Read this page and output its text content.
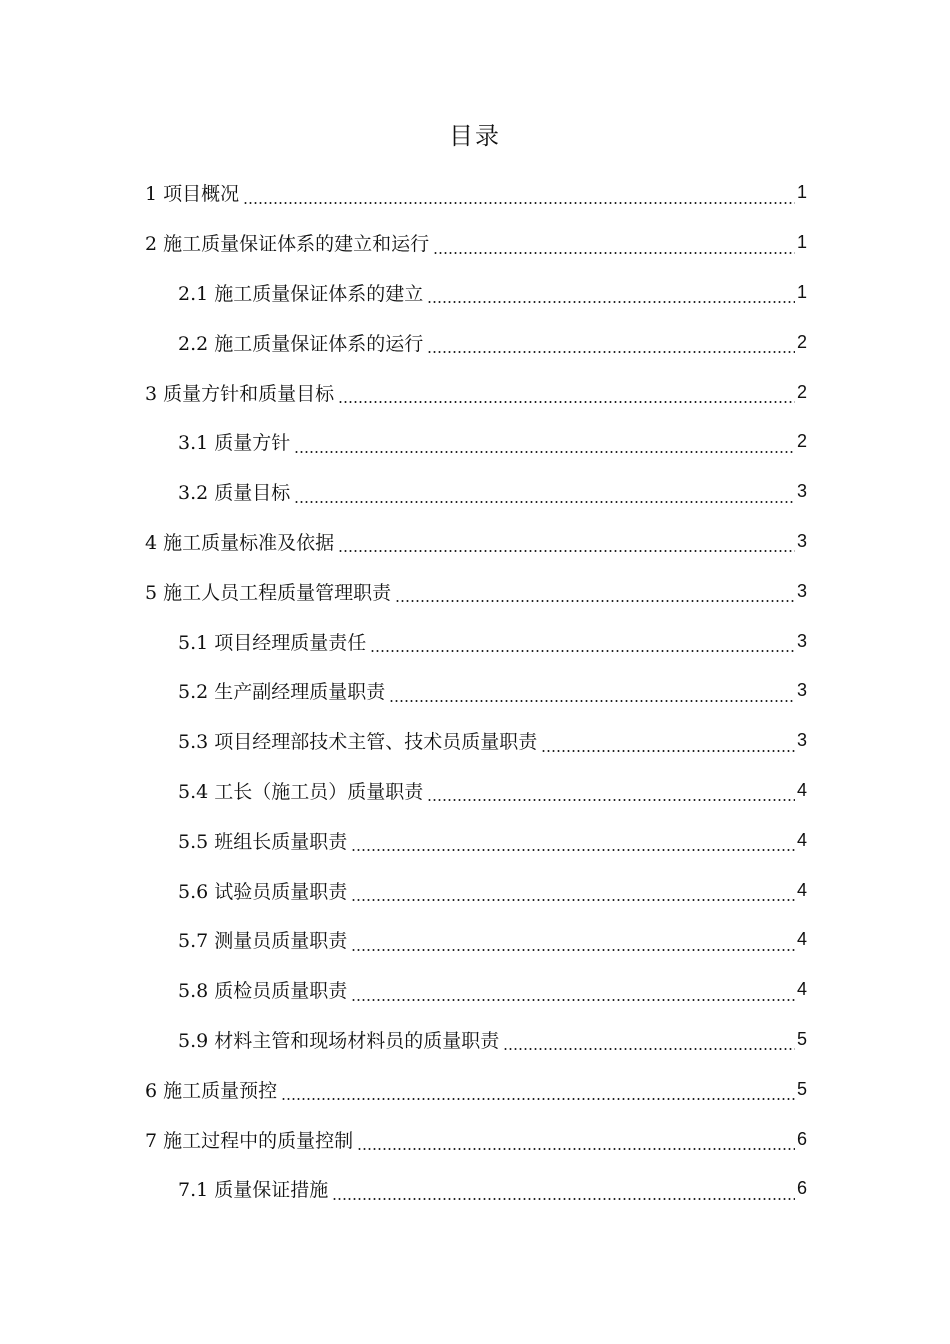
目录
1 项目概况	1
2 施工质量保证体系的建立和运行	1
2.1 施工质量保证体系的建立	1
2.2 施工质量保证体系的运行	2
3 质量方针和质量目标	2
3.1 质量方针	2
3.2 质量目标	3
4 施工质量标准及依据	3
5 施工人员工程质量管理职责	3
5.1 项目经理质量责任	3
5.2 生产副经理质量职责	3
5.3 项目经理部技术主管、技术员质量职责	3
5.4 工长（施工员）质量职责	4
5.5 班组长质量职责	4
5.6 试验员质量职责	4
5.7 测量员质量职责	4
5.8 质检员质量职责	4
5.9 材料主管和现场材料员的质量职责	5
6 施工质量预控	5
7 施工过程中的质量控制	6
7.1 质量保证措施	6
